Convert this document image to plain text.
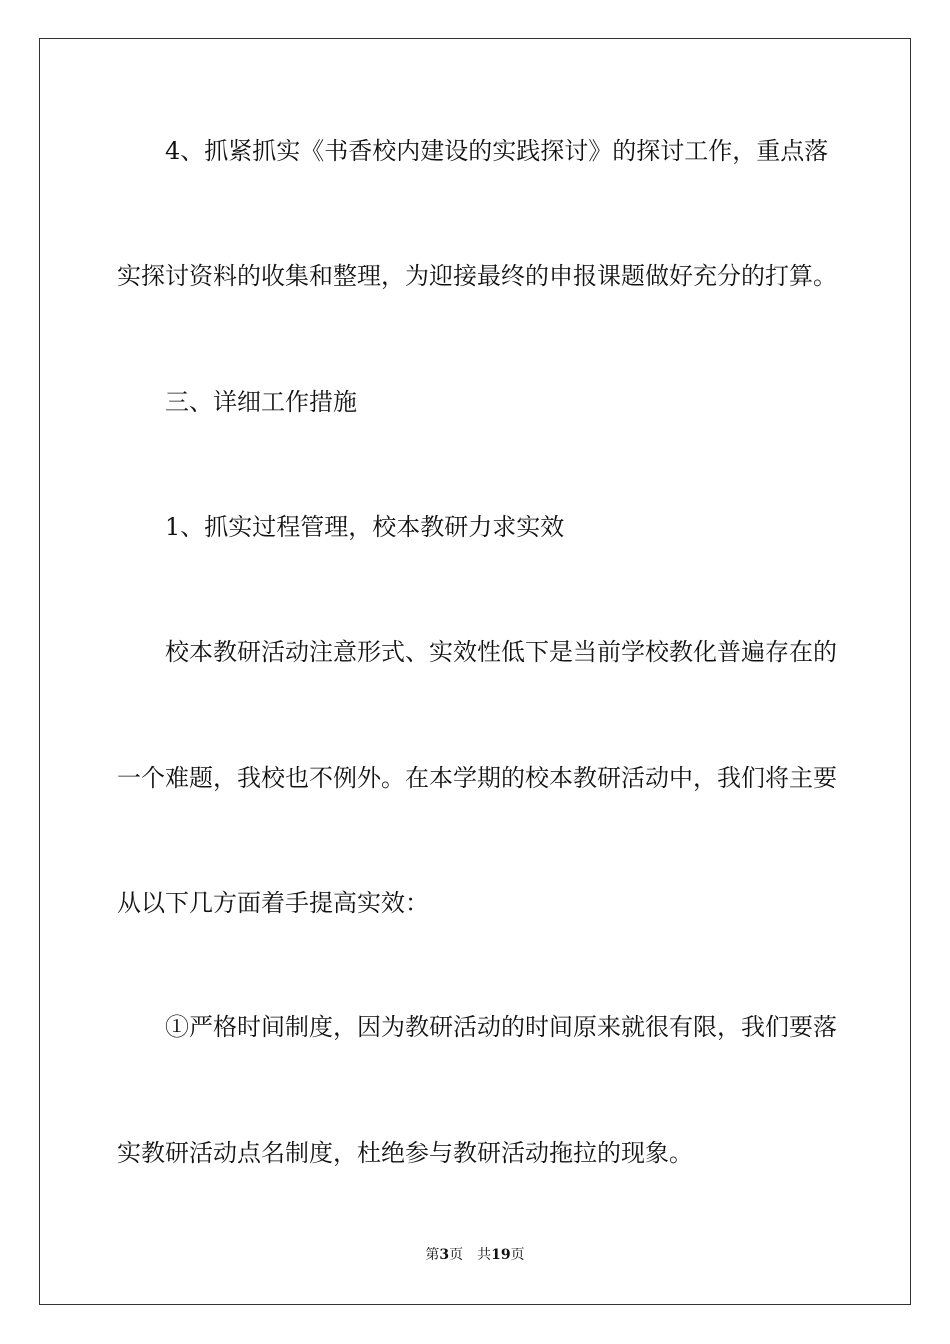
4、抓紧抓实《书香校内建设的实践探讨》的探讨工作，重点落
实探讨资料的收集和整理，为迎接最终的申报课题做好充分的打算。
三、详细工作措施
1、抓实过程管理，校本教研力求实效
校本教研活动注意形式、实效性低下是当前学校教化普遍存在的
一个难题，我校也不例外。在本学期的校本教研活动中，我们将主要
从以下几方面着手提高实效：
①严格时间制度，因为教研活动的时间原来就很有限，我们要落
实教研活动点名制度，杜绝参与教研活动拖拉的现象。
第3页 共19页
